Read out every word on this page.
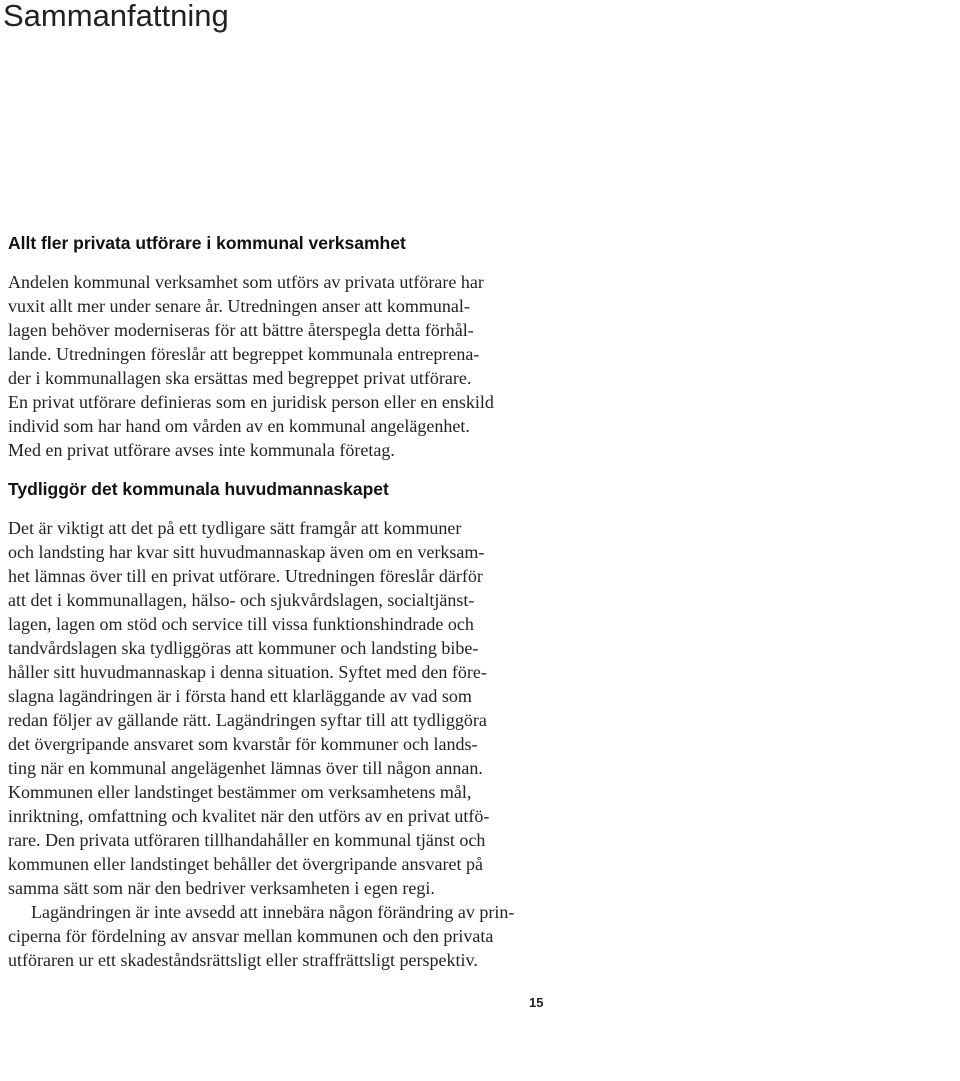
Sammanfattning
Allt fler privata utförare i kommunal verksamhet
Andelen kommunal verksamhet som utförs av privata utförare har
vuxit allt mer under senare år. Utredningen anser att kommunal-
lagen behöver moderniseras för att bättre återspegla detta förhål-
lande. Utredningen föreslår att begreppet kommunala entreprena-
der i kommunallagen ska ersättas med begreppet privat utförare.
En privat utförare definieras som en juridisk person eller en enskild
individ som har hand om vården av en kommunal angelägenhet.
Med en privat utförare avses inte kommunala företag.
Tydliggör det kommunala huvudmannaskapet
Det är viktigt att det på ett tydligare sätt framgår att kommuner
och landsting har kvar sitt huvudmannaskap även om en verksam-
het lämnas över till en privat utförare. Utredningen föreslår därför
att det i kommunallagen, hälso- och sjukvårdslagen, socialtjänst-
lagen, lagen om stöd och service till vissa funktionshindrade och
tandvårdslagen ska tydliggöras att kommuner och landsting bibe-
håller sitt huvudmannaskap i denna situation. Syftet med den före-
slagna lagändringen är i första hand ett klarläggande av vad som
redan följer av gällande rätt. Lagändringen syftar till att tydliggöra
det övergripande ansvaret som kvarstår för kommuner och lands-
ting när en kommunal angelägenhet lämnas över till någon annan.
Kommunen eller landstinget bestämmer om verksamhetens mål,
inriktning, omfattning och kvalitet när den utförs av en privat utfö-
rare. Den privata utföraren tillhandahåller en kommunal tjänst och
kommunen eller landstinget behåller det övergripande ansvaret på
samma sätt som när den bedriver verksamheten i egen regi.
Lagändringen är inte avsedd att innebära någon förändring av prin-
ciperna för fördelning av ansvar mellan kommunen och den privata
utföraren ur ett skadeståndsrättsligt eller straffrättsligt perspektiv.
15
